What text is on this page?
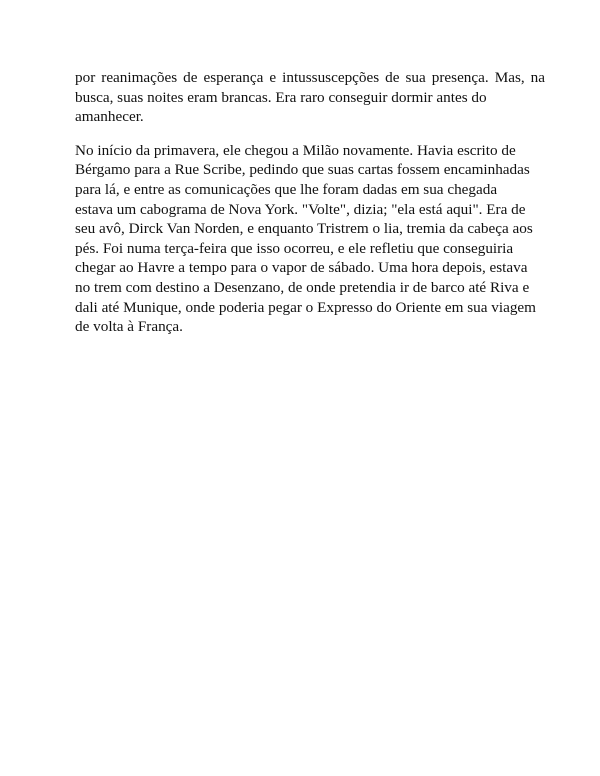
por reanimações de esperança e intussuscepções de sua presença. Mas, na
busca, suas noites eram brancas. Era raro conseguir dormir antes do
amanhecer.

No início da primavera, ele chegou a Milão novamente. Havia escrito de
Bérgamo para a Rue Scribe, pedindo que suas cartas fossem encaminhadas
para lá, e entre as comunicações que lhe foram dadas em sua chegada
estava um cabograma de Nova York. "Volte", dizia; "ela está aqui". Era de
seu avô, Dirck Van Norden, e enquanto Tristrem o lia, tremia da cabeça aos
pés. Foi numa terça-feira que isso ocorreu, e ele refletiu que conseguiria
chegar ao Havre a tempo para o vapor de sábado. Uma hora depois, estava
no trem com destino a Desenzano, de onde pretendia ir de barco até Riva e
dali até Munique, onde poderia pegar o Expresso do Oriente em sua viagem
de volta à França.
